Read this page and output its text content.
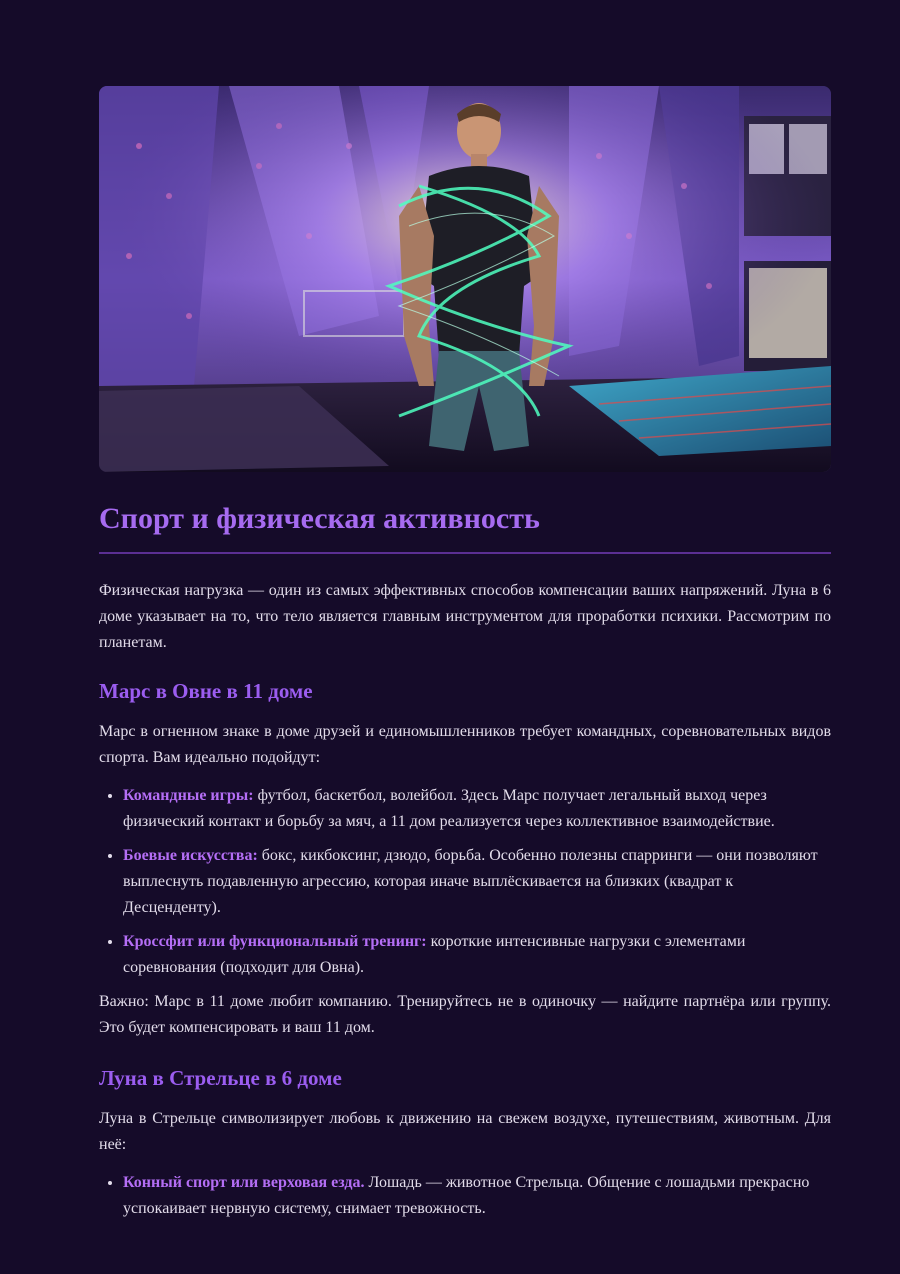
Спорт и физическая активность

Физическая нагрузка — один из самых эффективных способов компенсации ваших напряжений. Луна в 6 доме указывает на то, что тело является главным инструментом для проработки психики. Рассмотрим по планетам.

Марс в Овне в 11 доме

Марс в огненном знаке в доме друзей и единомышленников требует командных, соревновательных видов спорта. Вам идеально подойдут:

• Командные игры: футбол, баскетбол, волейбол. Здесь Марс получает легальный выход через физический контакт и борьбу за мяч, а 11 дом реализуется через коллективное взаимодействие.
• Боевые искусства: бокс, кикбоксинг, дзюдо, борьба. Особенно полезны спарринги — они позволяют выплеснуть подавленную агрессию, которая иначе выплёскивается на близких (квадрат к Десценденту).
• Кроссфит или функциональный тренинг: короткие интенсивные нагрузки с элементами соревнования (подходит для Овна).

Важно: Марс в 11 доме любит компанию. Тренируйтесь не в одиночку — найдите партнёра или группу. Это будет компенсировать и ваш 11 дом.

Луна в Стрельце в 6 доме

Луна в Стрельце символизирует любовь к движению на свежем воздухе, путешествиям, животным. Для неё:

• Конный спорт или верховая езда. Лошадь — животное Стрельца. Общение с лошадьми прекрасно успокаивает нервную систему, снимает тревожность.
